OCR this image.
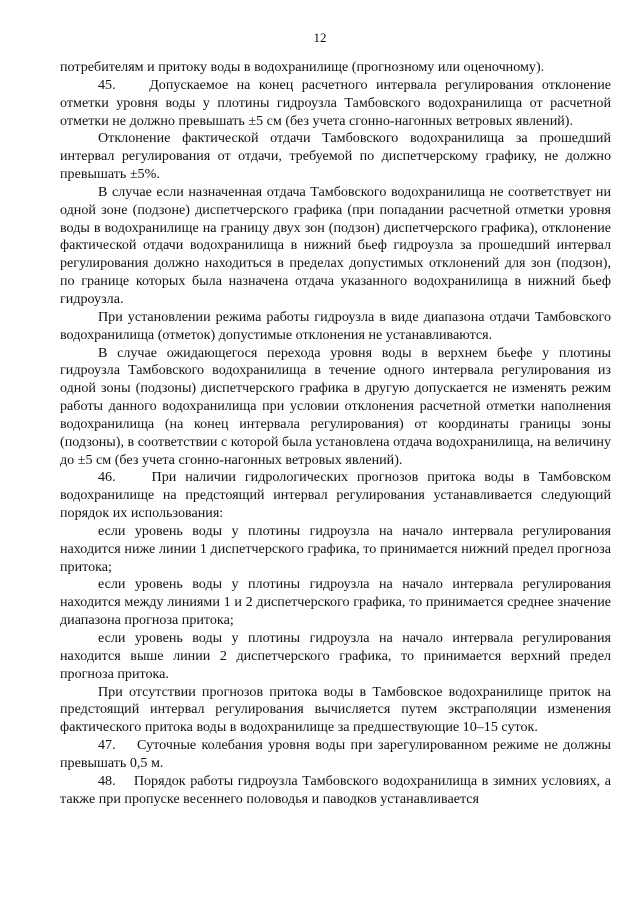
12

потребителям и притоку воды в водохранилище (прогнозному или оценочному).

45.    Допускаемое на конец расчетного интервала регулирования отклонение отметки уровня воды у плотины гидроузла Тамбовского водохранилища от расчетной отметки не должно превышать ±5 см (без учета сгонно-нагонных ветровых явлений).

Отклонение фактической отдачи Тамбовского водохранилища за прошедший интервал регулирования от отдачи, требуемой по диспетчерскому графику, не должно превышать ±5%.

В случае если назначенная отдача Тамбовского водохранилища не соответствует ни одной зоне (подзоне) диспетчерского графика (при попадании расчетной отметки уровня воды в водохранилище на границу двух зон (подзон) диспетчерского графика), отклонение фактической отдачи водохранилища в нижний бьеф гидроузла за прошедший интервал регулирования должно находиться в пределах допустимых отклонений для зон (подзон), по границе которых была назначена отдача указанного водохранилища в нижний бьеф гидроузла.

При установлении режима работы гидроузла в виде диапазона отдачи Тамбовского водохранилища (отметок) допустимые отклонения не устанавливаются.

В случае ожидающегося перехода уровня воды в верхнем бьефе у плотины гидроузла Тамбовского водохранилища в течение одного интервала регулирования из одной зоны (подзоны) диспетчерского графика в другую допускается не изменять режим работы данного водохранилища при условии отклонения расчетной отметки наполнения водохранилища (на конец интервала регулирования) от координаты границы зоны (подзоны), в соответствии с которой была установлена отдача водохранилища, на величину до ±5 см (без учета сгонно-нагонных ветровых явлений).

46.    При наличии гидрологических прогнозов притока воды в Тамбовском водохранилище на предстоящий интервал регулирования устанавливается следующий порядок их использования:

если уровень воды у плотины гидроузла на начало интервала регулирования находится ниже линии 1 диспетчерского графика, то принимается нижний предел прогноза притока;

если уровень воды у плотины гидроузла на начало интервала регулирования находится между линиями 1 и 2 диспетчерского графика, то принимается среднее значение диапазона прогноза притока;

если уровень воды у плотины гидроузла на начало интервала регулирования находится выше линии 2 диспетчерского графика, то принимается верхний предел прогноза притока.

При отсутствии прогнозов притока воды в Тамбовское водохранилище приток на предстоящий интервал регулирования вычисляется путем экстраполяции изменения фактического притока воды в водохранилище за предшествующие 10–15 суток.

47.    Суточные колебания уровня воды при зарегулированном режиме не должны превышать 0,5 м.

48.    Порядок работы гидроузла Тамбовского водохранилища в зимних условиях, а также при пропуске весеннего половодья и паводков устанавливается
